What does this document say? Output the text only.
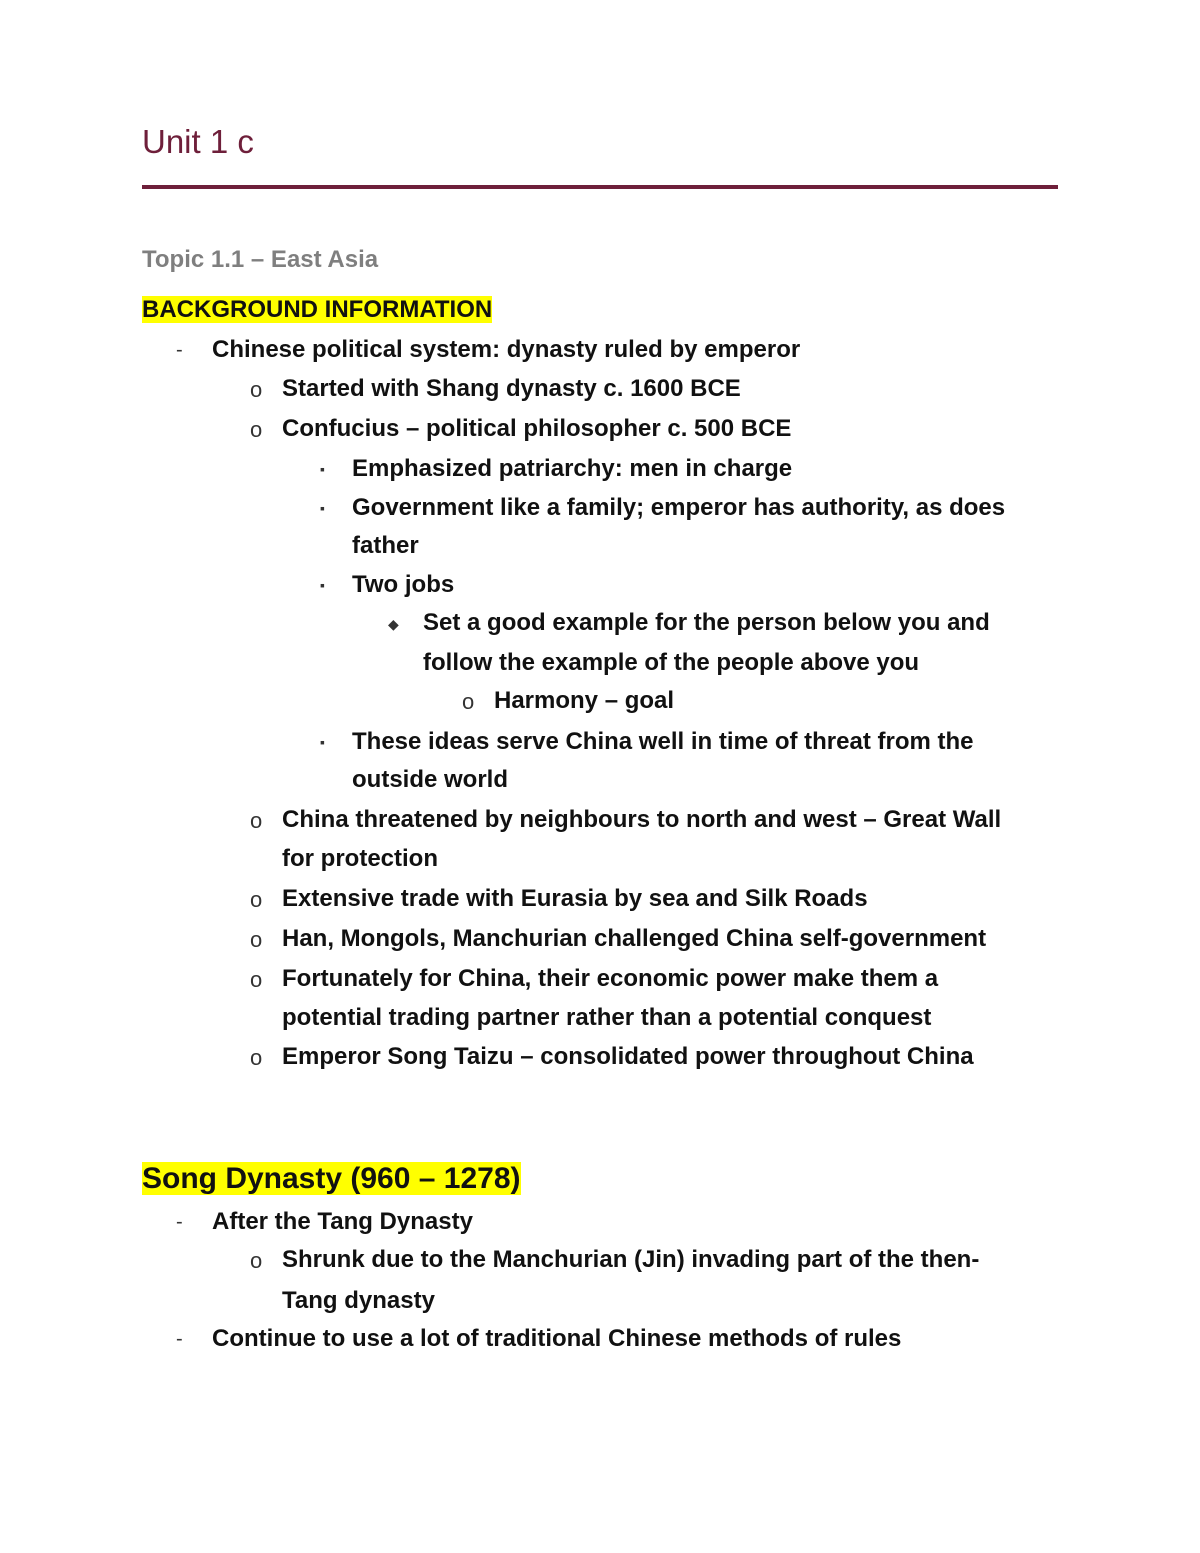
Unit 1 c
Topic 1.1 – East Asia
BACKGROUND INFORMATION
- Chinese political system: dynasty ruled by emperor
o Started with Shang dynasty c. 1600 BCE
o Confucius – political philosopher c. 500 BCE
▪ Emphasized patriarchy: men in charge
▪ Government like a family; emperor has authority, as does
father
▪ Two jobs
◆ Set a good example for the person below you and
follow the example of the people above you
o Harmony – goal
▪ These ideas serve China well in time of threat from the
outside world
o China threatened by neighbours to north and west – Great Wall
for protection
o Extensive trade with Eurasia by sea and Silk Roads
o Han, Mongols, Manchurian challenged China self-government
o Fortunately for China, their economic power make them a
potential trading partner rather than a potential conquest
o Emperor Song Taizu – consolidated power throughout China
Song Dynasty (960 – 1278)
- After the Tang Dynasty
o Shrunk due to the Manchurian (Jin) invading part of the then-
Tang dynasty
- Continue to use a lot of traditional Chinese methods of rules
